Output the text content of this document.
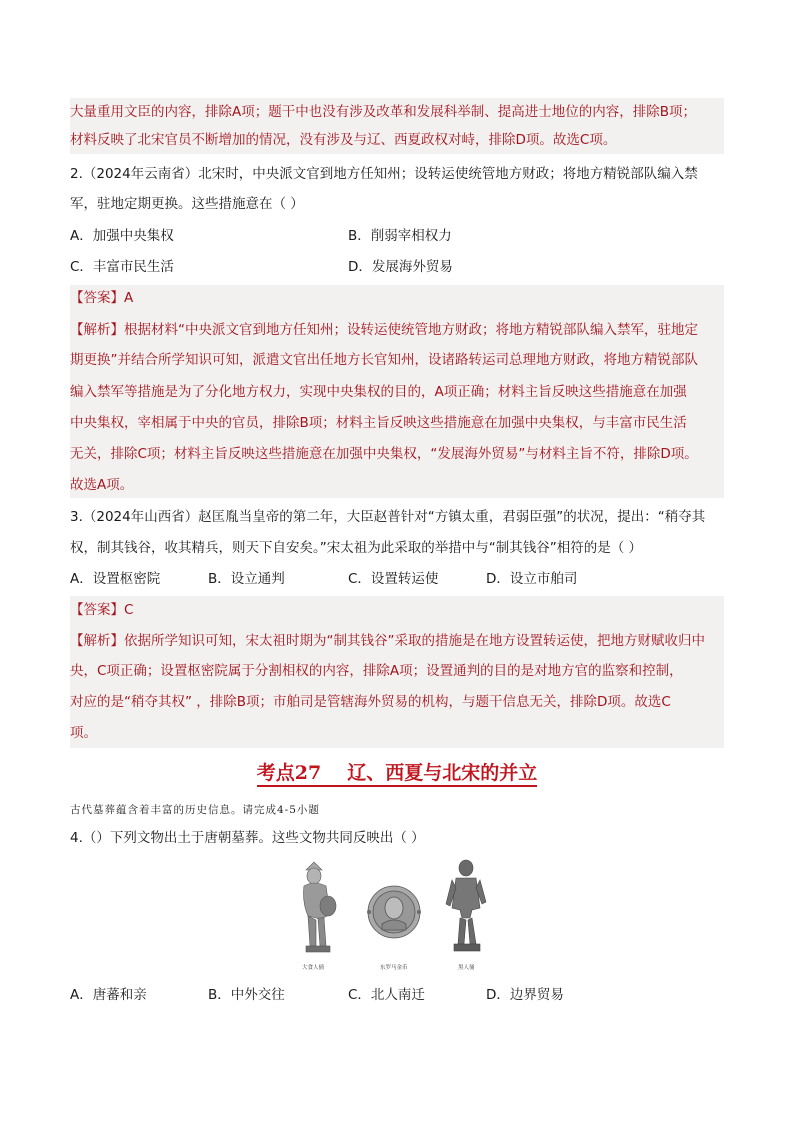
大量重用文臣的内容，排除A项；题干中也没有涉及改革和发展科举制、提高进士地位的内容，排除B项；
材料反映了北宋官员不断增加的情况，没有涉及与辽、西夏政权对峙，排除D项。故选C项。
2.（2024年云南省）北宋时，中央派文官到地方任知州；设转运使统管地方财政；将地方精锐部队编入禁
军，驻地定期更换。这些措施意在（ ）
A．加强中央集权	B．削弱宰相权力
C．丰富市民生活	D．发展海外贸易
【答案】A
【解析】根据材料“中央派文官到地方任知州；设转运使统管地方财政；将地方精锐部队编入禁军，驻地定
期更换”并结合所学知识可知，派遣文官出任地方长官知州，设诸路转运司总理地方财政，将地方精锐部队
编入禁军等措施是为了分化地方权力，实现中央集权的目的，A项正确；材料主旨反映这些措施意在加强
中央集权，宰相属于中央的官员，排除B项；材料主旨反映这些措施意在加强中央集权，与丰富市民生活
无关，排除C项；材料主旨反映这些措施意在加强中央集权，“发展海外贸易”与材料主旨不符，排除D项。
故选A项。
3.（2024年山西省）赵匡胤当皇帝的第二年，大臣赵普针对“方镇太重，君弱臣强”的状况，提出：“稍夺其
权，制其钱谷，收其精兵，则天下自安矣。”宋太祖为此采取的举措中与“制其钱谷”相符的是（ ）
A．设置枢密院	B．设立通判	C．设置转运使	D．设立市舶司
【答案】C
【解析】依据所学知识可知，宋太祖时期为“制其钱谷”采取的措施是在地方设置转运使，把地方财赋收归中
央，C项正确；设置枢密院属于分割相权的内容，排除A项；设置通判的目的是对地方官的监察和控制，
对应的是“稍夺其权” ，排除B项；市舶司是管辖海外贸易的机构，与题干信息无关，排除D项。故选C
项。
考点27 辽、西夏与北宋的并立
古代墓葬蕴含着丰富的历史信息。请完成4-5小题
4.（）下列文物出土于唐朝墓葬。这些文物共同反映出（ ）
大食人俑	东罗马金币	黑人俑
A．唐蕃和亲	B．中外交往	C．北人南迁	D．边界贸易
